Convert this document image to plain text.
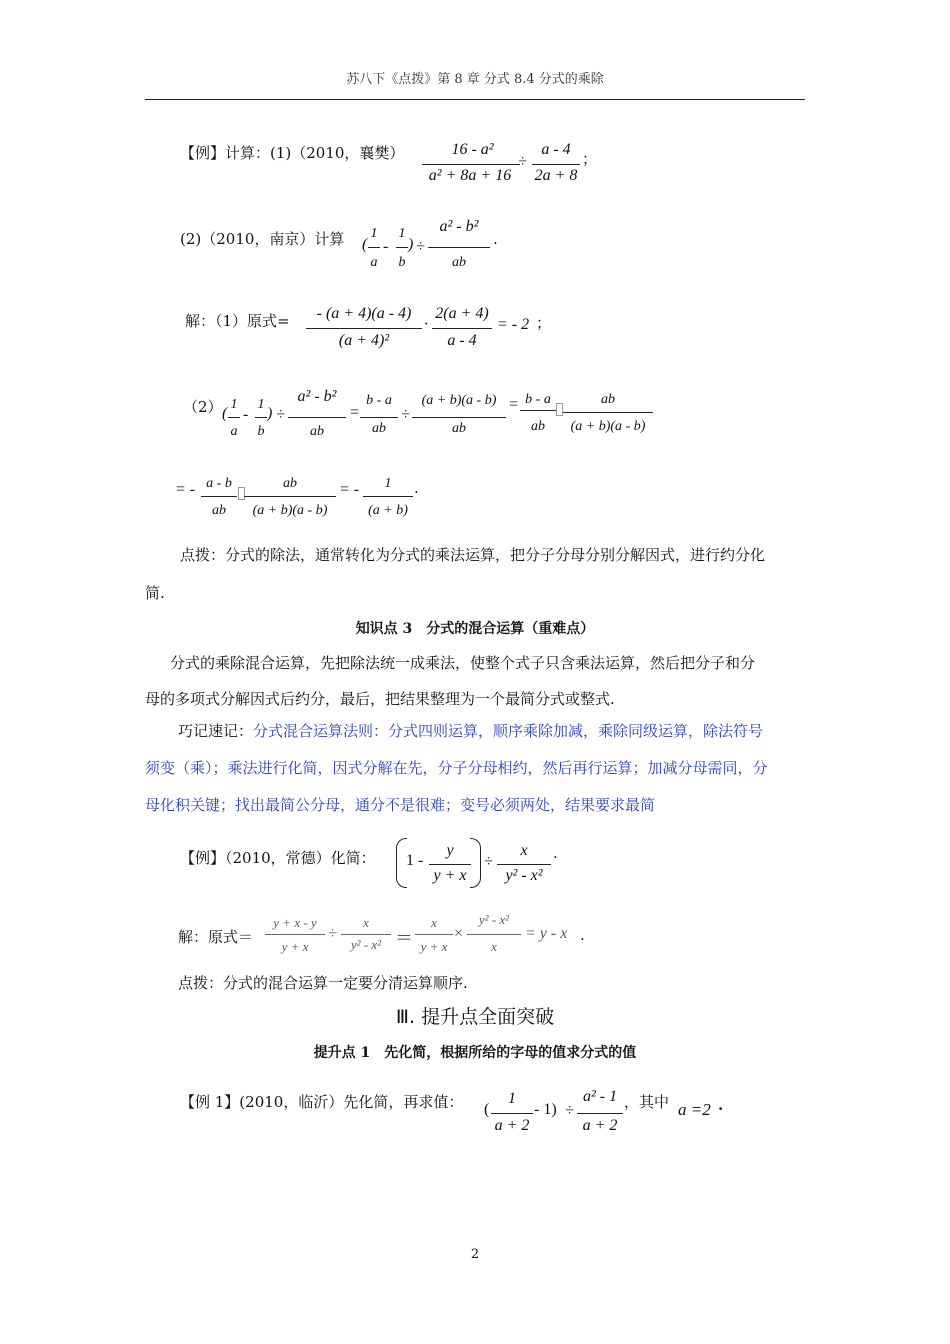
苏八下《点拨》第 8 章 分式 8.4 分式的乘除
【例】计算：(1)（2010，襄樊）	16 - a²
a² + 8a + 16
÷
a - 4
2a + 8
；
(2)（2010，南京）计算 (
1
a
-
1
b
) ÷
a² - b²
ab
.
解：（1）原式=	- (a + 4)(a - 4)
(a + 4)²
·
2(a + 4)
a - 4
= - 2 ；
（2） (
1
a
-
1
b
) ÷
a² - b²
ab
=
b - a
ab
÷
(a + b)(a - b)
ab
= b - a
ab
ab
(a + b)(a - b)
= - a - b
ab
ab
(a + b)(a - b)
= -	1
(a + b)
.
点拨：分式的除法，通常转化为分式的乘法运算，把分子分母分别分解因式，进行约分化
简.
知识点 3　分式的混合运算（重难点）
分式的乘除混合运算，先把除法统一成乘法，使整个式子只含乘法运算，然后把分子和分
母的多项式分解因式后约分，最后，把结果整理为一个最简分式或整式.
巧记速记：分式混合运算法则：分式四则运算，顺序乘除加减，乘除同级运算，除法符号
须变（乘）；乘法进行化简，因式分解在先，分子分母相约，然后再行运算；加减分母需同，分
母化积关键；找出最简公分母，通分不是很难；变号必须两处，结果要求最简
【例】（2010，常德）化简： 1 -
y
y + x
÷
x
y² - x²
·
解：原式＝
y + x - y
y + x
÷
x
y² - x² ＝
x
y + x
×
y² - x²
x
= y - x .
点拨：分式的混合运算一定要分清运算顺序.
Ⅲ. 提升点全面突破
提升点 1　先化简，根据所给的字母的值求分式的值
【例 1】(2010，临沂）先化简，再求值： (
1
a + 2
- 1) ÷
a² - 1
a + 2
，其中 a =2 .
2
